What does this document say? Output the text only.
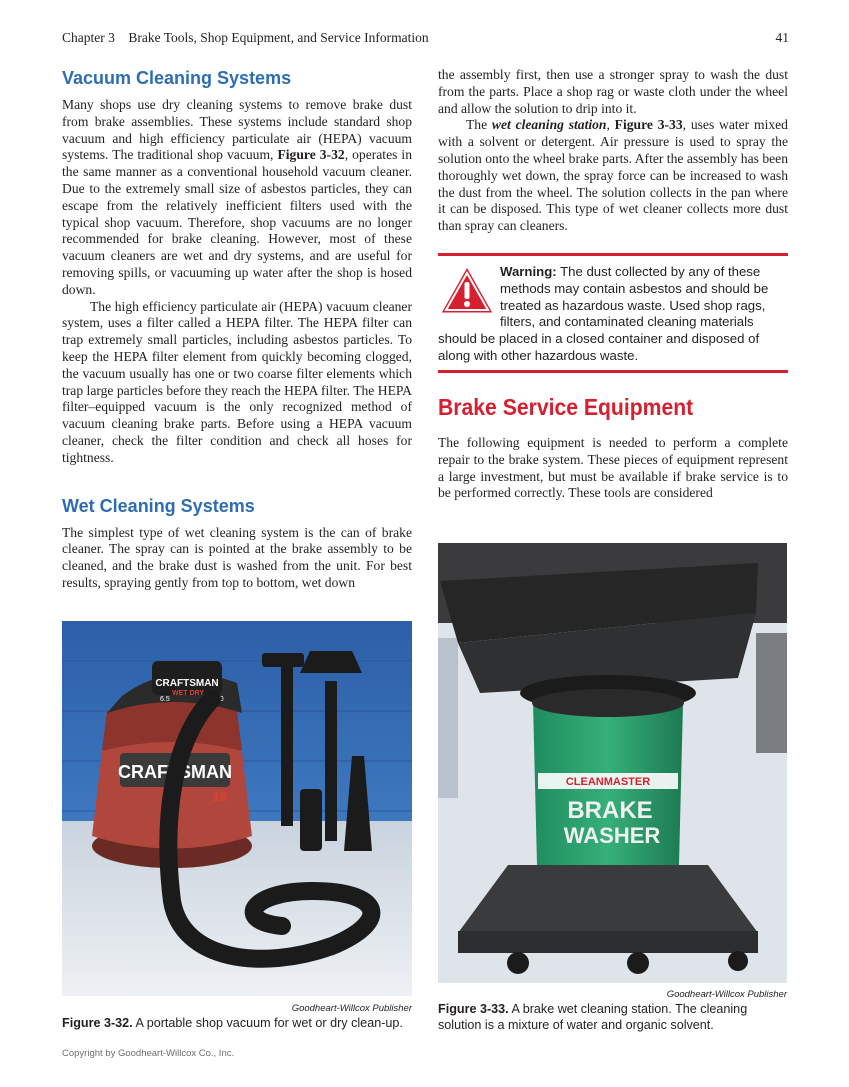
Chapter 3 Brake Tools, Shop Equipment, and Service Information	41
Vacuum Cleaning Systems

Many shops use dry cleaning systems to remove brake dust from brake assemblies. These systems include standard shop vacuum and high efficiency particulate air (HEPA) vacuum systems. The traditional shop vacuum, Figure 3-32, operates in the same manner as a conventional household vacuum cleaner. Due to the extremely small size of asbestos particles, they can escape from the relatively inefficient filters used with the typical shop vacuum. Therefore, shop vacuums are no longer recommended for brake cleaning. However, most of these vacuum cleaners are wet and dry systems, and are useful for removing spills, or vacuuming up water after the shop is hosed down.

The high efficiency particulate air (HEPA) vacuum cleaner system, uses a filter called a HEPA filter. The HEPA filter can trap extremely small particles, including asbestos particles. To keep the HEPA filter element from quickly becoming clogged, the vacuum usually has one or two coarse filter elements which trap large particles before they reach the HEPA filter. The HEPA filter–equipped vacuum is the only recognized method of vacuum cleaning brake parts. Before using a HEPA vacuum cleaner, check the filter condition and check all hoses for tightness.

Wet Cleaning Systems

The simplest type of wet cleaning system is the can of brake cleaner. The spray can is pointed at the brake assembly to be cleaned, and the brake dust is washed from the unit. For best results, spraying gently from top to bottom, wet down

the assembly first, then use a stronger spray to wash the dust from the parts. Place a shop rag or waste cloth under the wheel and allow the solution to drip into it.

The wet cleaning station, Figure 3-33, uses water mixed with a solvent or detergent. Air pressure is used to spray the solution onto the wheel brake parts. After the assembly has been thoroughly wet down, the spray force can be increased to wash the dust from the wheel. The solution collects in the pan where it can be disposed. This type of wet cleaner collects more dust than spray can cleaners.

Warning: The dust collected by any of these methods may contain asbestos and should be treated as hazardous waste. Used shop rags, filters, and contaminated cleaning materials should be placed in a closed container and disposed of along with other hazardous waste.
Brake Service Equipment

The following equipment is needed to perform a complete repair to the brake system. These pieces of equipment represent a large investment, but must be available if brake service is to be performed correctly. These tools are considered

CRAFTSMAN
16
CRAFTSMAN
6.5
WET DRY
330
Goodheart-Willcox Publisher
Figure 3-32. A portable shop vacuum for wet or dry clean-up.
CLEANMASTER
BRAKE
WASHER
Goodheart-Willcox Publisher
Figure 3-33. A brake wet cleaning station. The cleaning solution is a mixture of water and organic solvent.
Copyright by Goodheart-Willcox Co., Inc.
